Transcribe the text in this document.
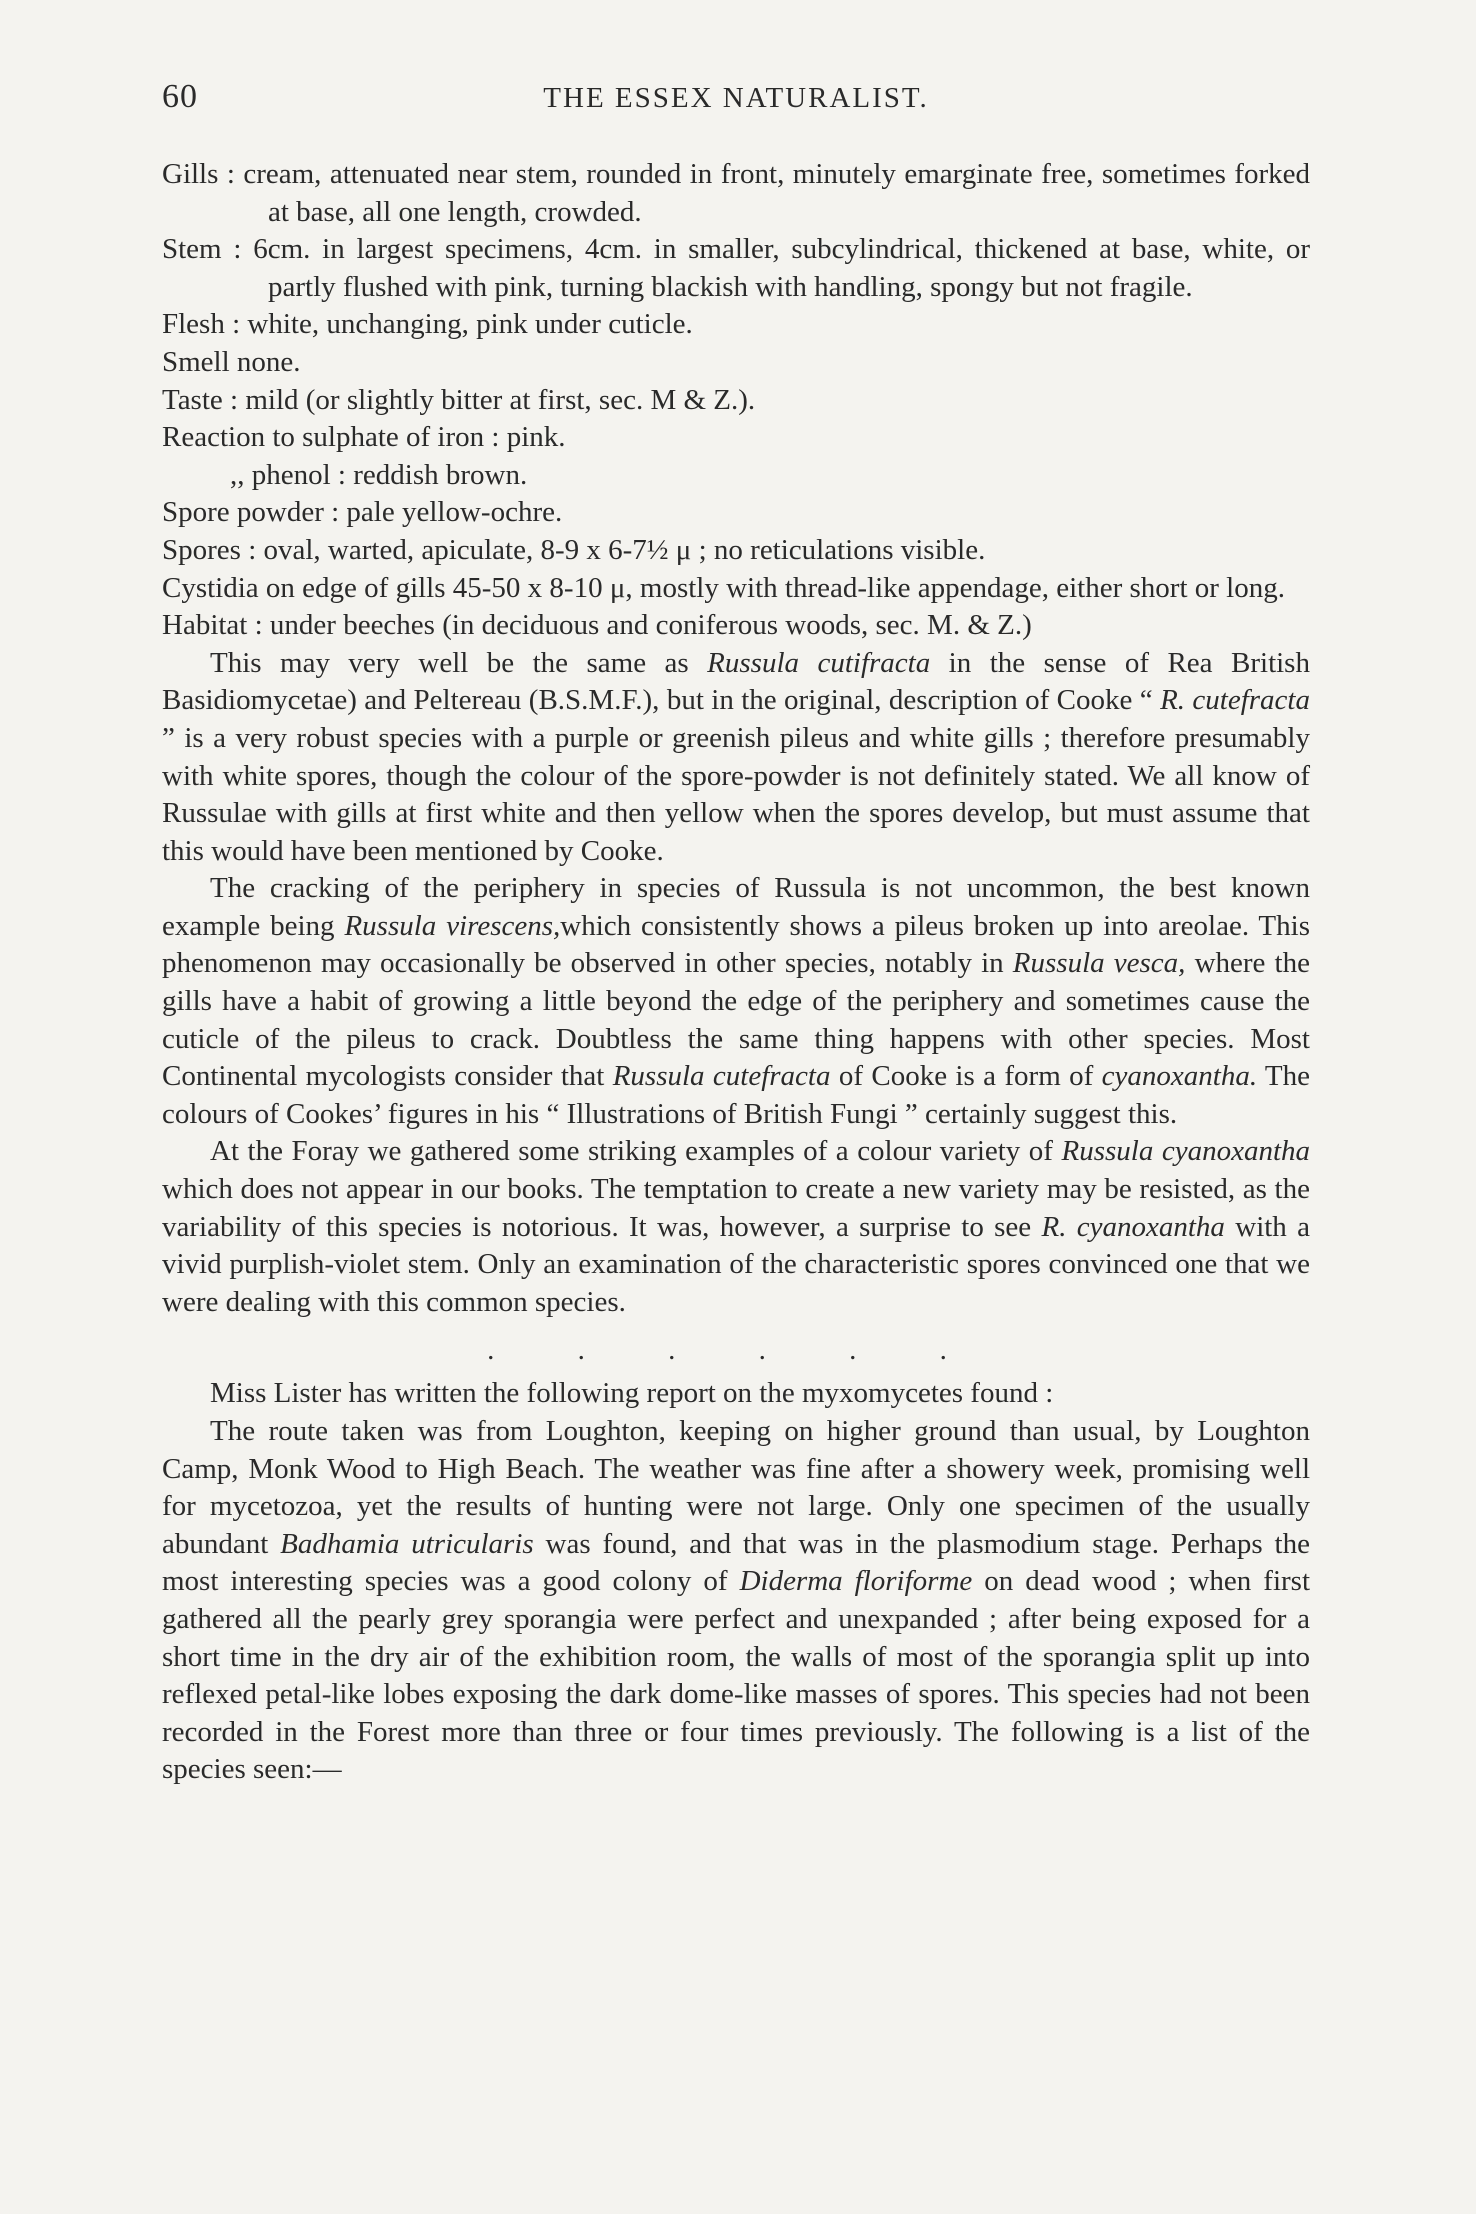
60	THE ESSEX NATURALIST.

Gills : cream, attenuated near stem, rounded in front, minutely emarginate free, sometimes forked at base, all one length, crowded.

Stem : 6cm. in largest specimens, 4cm. in smaller, subcylindrical, thickened at base, white, or partly flushed with pink, turning blackish with handling, spongy but not fragile.

Flesh : white, unchanging, pink under cuticle.

Smell none.

Taste : mild (or slightly bitter at first, sec. M & Z.).

Reaction to sulphate of iron : pink.

,, phenol : reddish brown.

Spore powder : pale yellow-ochre.

Spores : oval, warted, apiculate, 8-9 x 6-7½ μ ; no reticulations visible.

Cystidia on edge of gills 45-50 x 8-10 μ, mostly with thread-like appendage, either short or long.

Habitat : under beeches (in deciduous and coniferous woods, sec. M. & Z.)

This may very well be the same as Russula cutifracta in the sense of Rea British Basidiomycetae) and Peltereau (B.S.M.F.), but in the original, description of Cooke “ R. cutefracta ” is a very robust species with a purple or greenish pileus and white gills ; therefore presumably with white spores, though the colour of the spore-powder is not definitely stated. We all know of Russulae with gills at first white and then yellow when the spores develop, but must assume that this would have been mentioned by Cooke.

The cracking of the periphery in species of Russula is not uncommon, the best known example being Russula virescens,which consistently shows a pileus broken up into areolae. This phenomenon may occasionally be observed in other species, notably in Russula vesca, where the gills have a habit of growing a little beyond the edge of the periphery and sometimes cause the cuticle of the pileus to crack. Doubtless the same thing happens with other species. Most Continental mycologists consider that Russula cutefracta of Cooke is a form of cyanoxantha. The colours of Cookes’ figures in his “ Illustrations of British Fungi ” certainly suggest this.

At the Foray we gathered some striking examples of a colour variety of Russula cyanoxantha which does not appear in our books. The temptation to create a new variety may be resisted, as the variability of this species is notorious. It was, however, a surprise to see R. cyanoxantha with a vivid purplish-violet stem. Only an examination of the characteristic spores convinced one that we were dealing with this common species.

. . . . . .

Miss Lister has written the following report on the myxomycetes found :

The route taken was from Loughton, keeping on higher ground than usual, by Loughton Camp, Monk Wood to High Beach. The weather was fine after a showery week, promising well for mycetozoa, yet the results of hunting were not large. Only one specimen of the usually abundant Badhamia utricularis was found, and that was in the plasmodium stage. Perhaps the most interesting species was a good colony of Diderma floriforme on dead wood ; when first gathered all the pearly grey sporangia were perfect and unexpanded ; after being exposed for a short time in the dry air of the exhibition room, the walls of most of the sporangia split up into reflexed petal-like lobes exposing the dark dome-like masses of spores. This species had not been recorded in the Forest more than three or four times previously. The following is a list of the species seen:—
